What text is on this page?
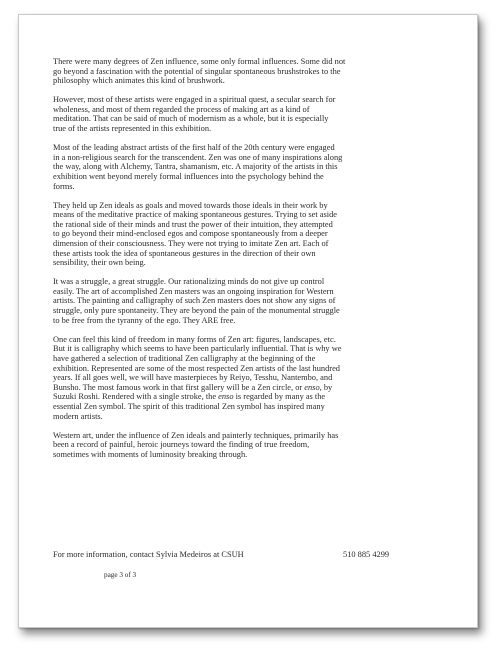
There were many degrees of Zen influence, some only formal influences. Some did not
go beyond a fascination with the potential of singular spontaneous brushstrokes to the
philosophy which animates this kind of brushwork.

However, most of these artists were engaged in a spiritual quest, a secular search for
wholeness, and most of them regarded the process of making art as a kind of
meditation. That can be said of much of modernism as a whole, but it is especially
true of the artists represented in this exhibition.

Most of the leading abstract artists of the first half of the 20th century were engaged
in a non-religious search for the transcendent. Zen was one of many inspirations along
the way, along with Alchemy, Tantra, shamanism, etc. A majority of the artists in this
exhibition went beyond merely formal influences into the psychology behind the
forms.

They held up Zen ideals as goals and moved towards those ideals in their work by
means of the meditative practice of making spontaneous gestures. Trying to set aside
the rational side of their minds and trust the power of their intuition, they attempted
to go beyond their mind-enclosed egos and compose spontaneously from a deeper
dimension of their consciousness. They were not trying to imitate Zen art. Each of
these artists took the idea of spontaneous gestures in the direction of their own
sensibility, their own being.

It was a struggle, a great struggle. Our rationalizing minds do not give up control
easily. The art of accomplished Zen masters was an ongoing inspiration for Western
artists. The painting and calligraphy of such Zen masters does not show any signs of
struggle, only pure spontaneity. They are beyond the pain of the monumental struggle
to be free from the tyranny of the ego. They ARE free.

One can feel this kind of freedom in many forms of Zen art: figures, landscapes, etc.
But it is calligraphy which seems to have been particularly influential. That is why we
have gathered a selection of traditional Zen calligraphy at the beginning of the
exhibition. Represented are some of the most respected Zen artists of the last hundred
years. If all goes well, we will have masterpieces by Reiyo, Tesshu, Nantembo, and
Bunsho. The most famous work in that first gallery will be a Zen circle, or enso, by
Suzuki Roshi. Rendered with a single stroke, the enso is regarded by many as the
essential Zen symbol. The spirit of this traditional Zen symbol has inspired many
modern artists.

Western art, under the influence of Zen ideals and painterly techniques, primarily has
been a record of painful, heroic journeys toward the finding of true freedom,
sometimes with moments of luminosity breaking through.

For more information, contact Sylvia Medeiros at CSUH	510 885 4299
page 3 of 3
